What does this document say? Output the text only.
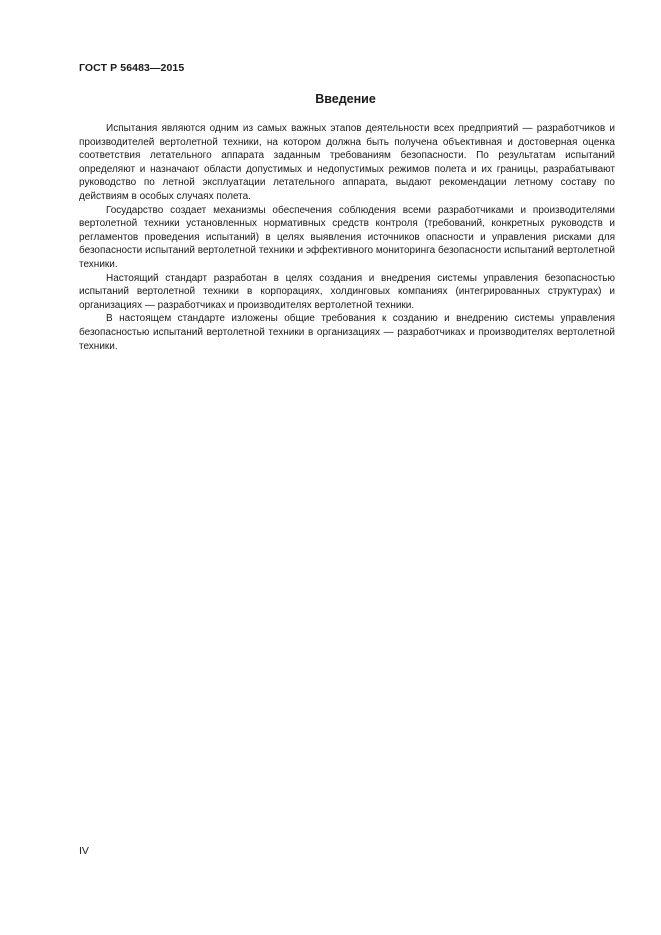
ГОСТ Р 56483—2015
Введение

Испытания являются одним из самых важных этапов деятельности всех предприятий — разработчиков и производителей вертолетной техники, на котором должна быть получена объективная и достоверная оценка соответствия летательного аппарата заданным требованиям безопасности. По результатам испытаний определяют и назначают области допустимых и недопустимых режимов полета и их границы, разрабатывают руководство по летной эксплуатации летательного аппарата, выдают рекомендации летному составу по действиям в особых случаях полета.

Государство создает механизмы обеспечения соблюдения всеми разработчиками и производителями вертолетной техники установленных нормативных средств контроля (требований, конкретных руководств и регламентов проведения испытаний) в целях выявления источников опасности и управления рисками для безопасности испытаний вертолетной техники и эффективного мониторинга безопасности испытаний вертолетной техники.

Настоящий стандарт разработан в целях создания и внедрения системы управления безопасностью испытаний вертолетной техники в корпорациях, холдинговых компаниях (интегрированных структурах) и организациях — разработчиках и производителях вертолетной техники.

В настоящем стандарте изложены общие требования к созданию и внедрению системы управления безопасностью испытаний вертолетной техники в организациях — разработчиках и производителях вертолетной техники.

IV
